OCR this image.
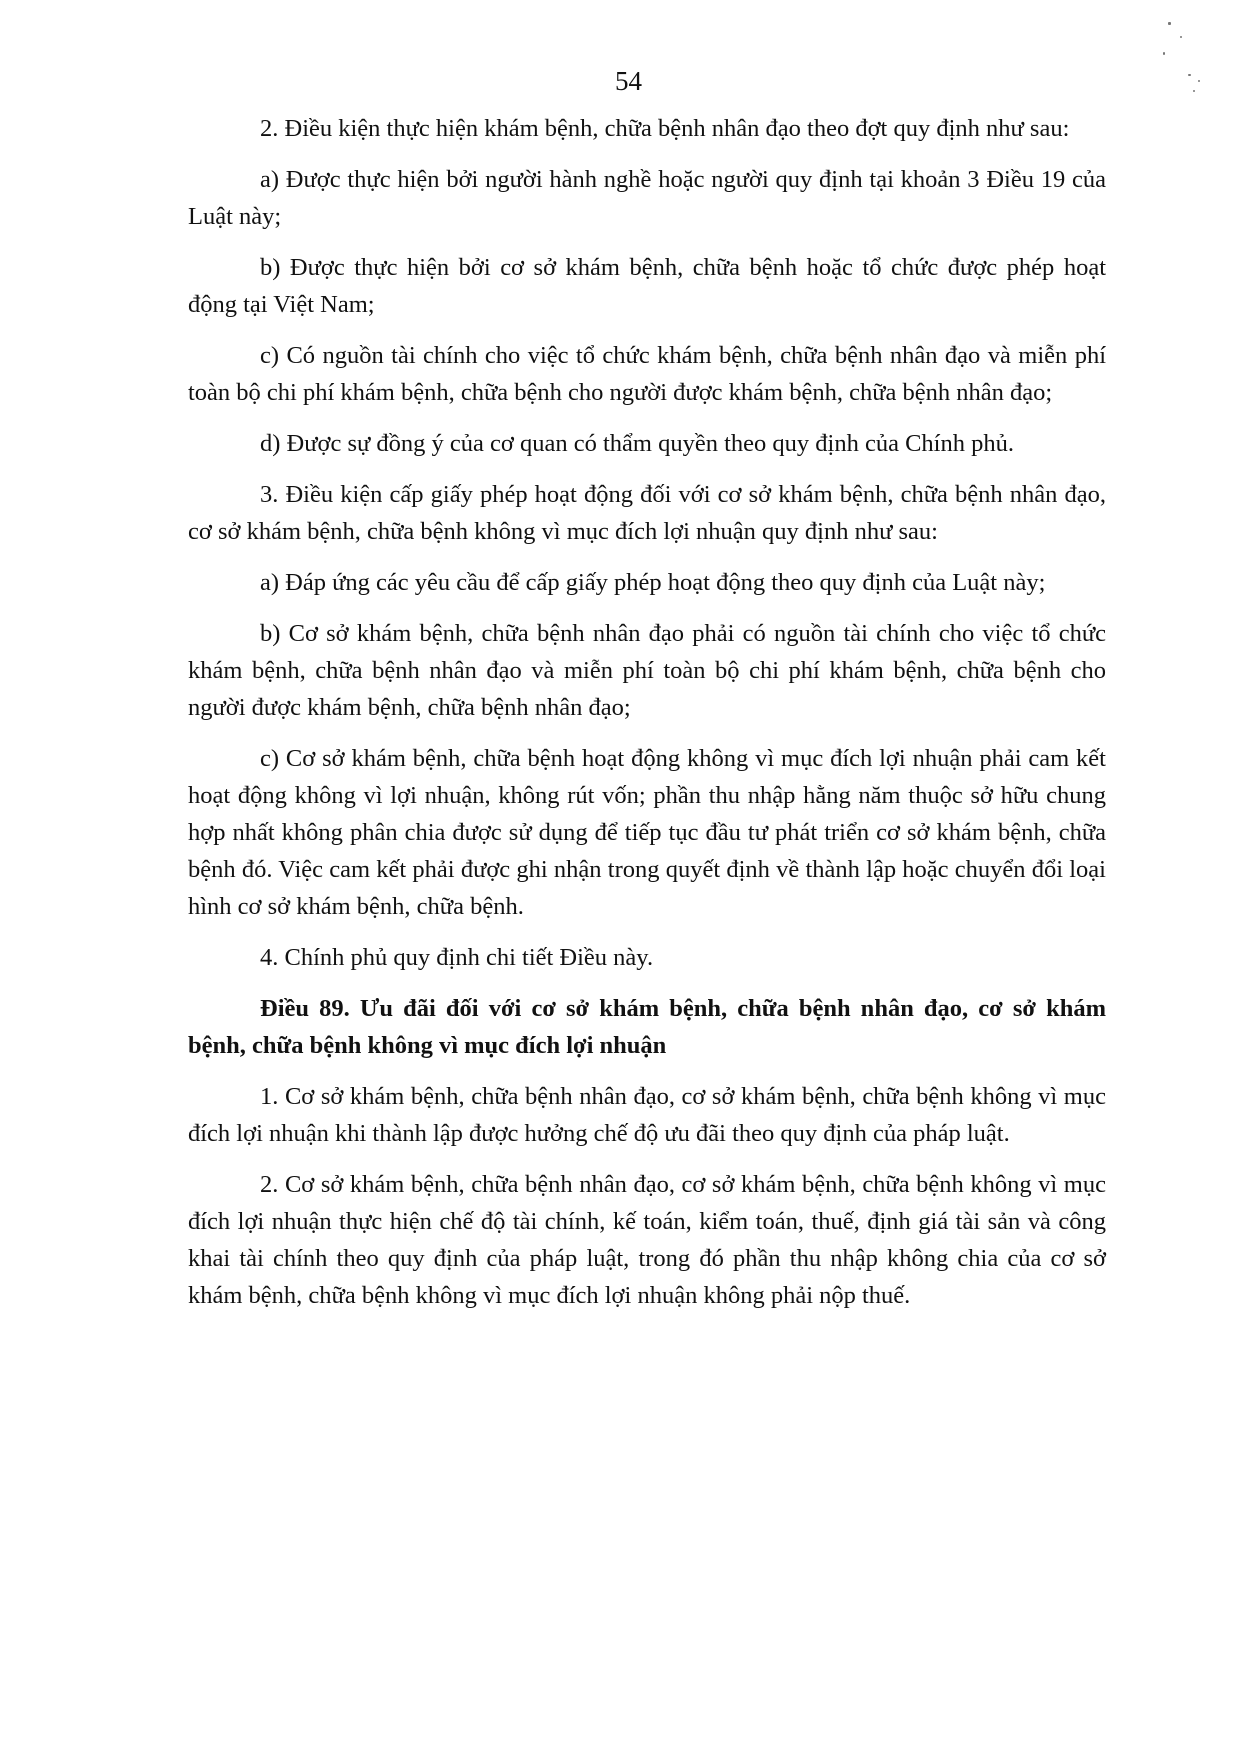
54

2. Điều kiện thực hiện khám bệnh, chữa bệnh nhân đạo theo đợt quy định như sau:

a) Được thực hiện bởi người hành nghề hoặc người quy định tại khoản 3 Điều 19 của Luật này;

b) Được thực hiện bởi cơ sở khám bệnh, chữa bệnh hoặc tổ chức được phép hoạt động tại Việt Nam;

c) Có nguồn tài chính cho việc tổ chức khám bệnh, chữa bệnh nhân đạo và miễn phí toàn bộ chi phí khám bệnh, chữa bệnh cho người được khám bệnh, chữa bệnh nhân đạo;

d) Được sự đồng ý của cơ quan có thẩm quyền theo quy định của Chính phủ.

3. Điều kiện cấp giấy phép hoạt động đối với cơ sở khám bệnh, chữa bệnh nhân đạo, cơ sở khám bệnh, chữa bệnh không vì mục đích lợi nhuận quy định như sau:

a) Đáp ứng các yêu cầu để cấp giấy phép hoạt động theo quy định của Luật này;

b) Cơ sở khám bệnh, chữa bệnh nhân đạo phải có nguồn tài chính cho việc tổ chức khám bệnh, chữa bệnh nhân đạo và miễn phí toàn bộ chi phí khám bệnh, chữa bệnh cho người được khám bệnh, chữa bệnh nhân đạo;

c) Cơ sở khám bệnh, chữa bệnh hoạt động không vì mục đích lợi nhuận phải cam kết hoạt động không vì lợi nhuận, không rút vốn; phần thu nhập hằng năm thuộc sở hữu chung hợp nhất không phân chia được sử dụng để tiếp tục đầu tư phát triển cơ sở khám bệnh, chữa bệnh đó. Việc cam kết phải được ghi nhận trong quyết định về thành lập hoặc chuyển đổi loại hình cơ sở khám bệnh, chữa bệnh.

4. Chính phủ quy định chi tiết Điều này.

Điều 89. Ưu đãi đối với cơ sở khám bệnh, chữa bệnh nhân đạo, cơ sở khám bệnh, chữa bệnh không vì mục đích lợi nhuận

1. Cơ sở khám bệnh, chữa bệnh nhân đạo, cơ sở khám bệnh, chữa bệnh không vì mục đích lợi nhuận khi thành lập được hưởng chế độ ưu đãi theo quy định của pháp luật.

2. Cơ sở khám bệnh, chữa bệnh nhân đạo, cơ sở khám bệnh, chữa bệnh không vì mục đích lợi nhuận thực hiện chế độ tài chính, kế toán, kiểm toán, thuế, định giá tài sản và công khai tài chính theo quy định của pháp luật, trong đó phần thu nhập không chia của cơ sở khám bệnh, chữa bệnh không vì mục đích lợi nhuận không phải nộp thuế.
